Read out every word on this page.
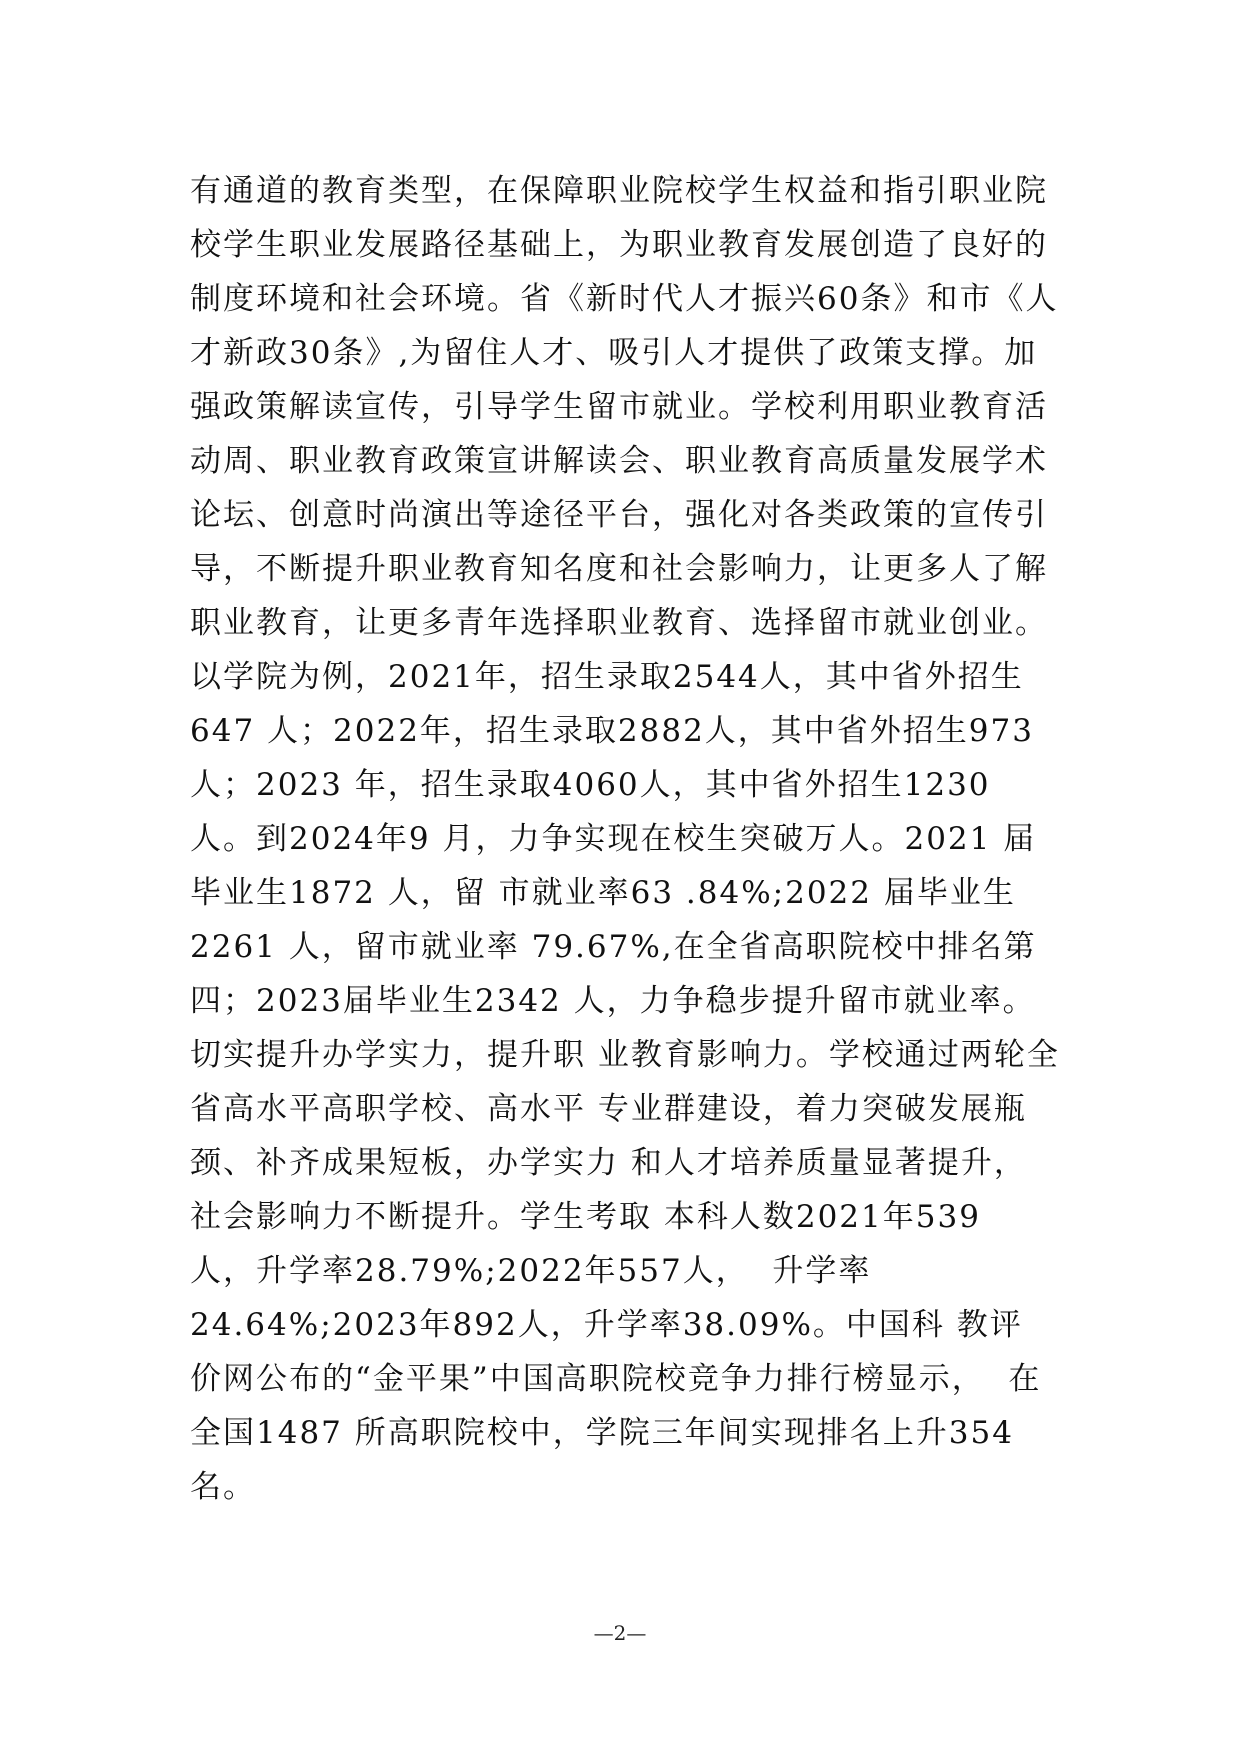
有通道的教育类型，在保障职业院校学生权益和指引职业院
校学生职业发展路径基础上，为职业教育发展创造了良好的
制度环境和社会环境。省《新时代人才振兴60条》和市《人
才新政30条》,为留住人才、吸引人才提供了政策支撑。加
强政策解读宣传，引导学生留市就业。学校利用职业教育活
动周、职业教育政策宣讲解读会、职业教育高质量发展学术
论坛、创意时尚演出等途径平台，强化对各类政策的宣传引
导，不断提升职业教育知名度和社会影响力，让更多人了解
职业教育，让更多青年选择职业教育、选择留市就业创业。
以学院为例，2021年，招生录取2544人，其中省外招生
647 人；2022年，招生录取2882人，其中省外招生973
人；2023 年，招生录取4060人，其中省外招生1230
人。到2024年9 月，力争实现在校生突破万人。2021 届
毕业生1872 人，留 市就业率63 .84%;2022 届毕业生
2261 人，留市就业率 79.67%,在全省高职院校中排名第
四；2023届毕业生2342 人，力争稳步提升留市就业率。
切实提升办学实力，提升职 业教育影响力。学校通过两轮全
省高水平高职学校、高水平 专业群建设，着力突破发展瓶
颈、补齐成果短板，办学实力 和人才培养质量显著提升，
社会影响力不断提升。学生考取 本科人数2021年539
人，升学率28.79%;2022年557人，  升学率
24.64%;2023年892人，升学率38.09%。中国科 教评
价网公布的“金平果”中国高职院校竞争力排行榜显示，  在
全国1487 所高职院校中，学院三年间实现排名上升354
名。
—2—
